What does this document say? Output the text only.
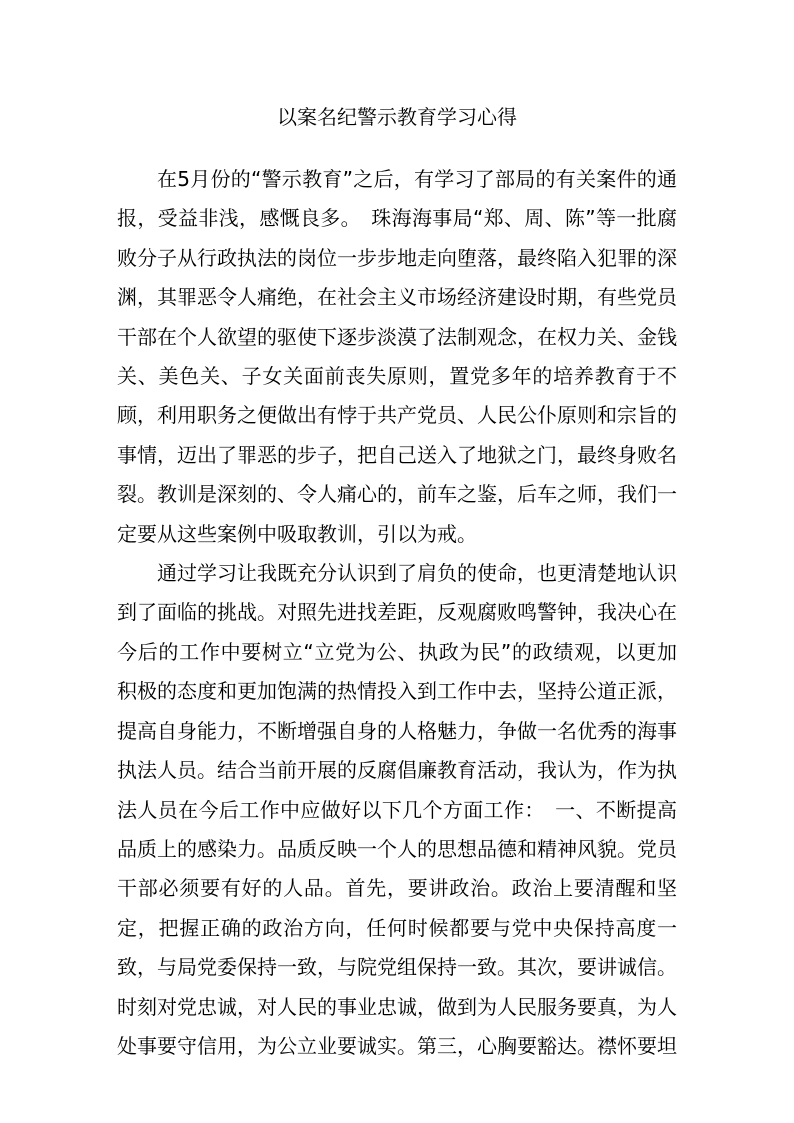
以案名纪警示教育学习心得

在5月份的“警示教育”之后，有学习了部局的有关案件的通报，受益非浅，感慨良多。　珠海海事局“郑、周、陈”等一批腐败分子从行政执法的岗位一步步地走向堕落，最终陷入犯罪的深渊，其罪恶令人痛绝，在社会主义市场经济建设时期，有些党员干部在个人欲望的驱使下逐步淡漠了法制观念，在权力关、金钱关、美色关、子女关面前丧失原则，置党多年的培养教育于不顾，利用职务之便做出有悖于共产党员、人民公仆原则和宗旨的事情，迈出了罪恶的步子，把自己送入了地狱之门，最终身败名裂。教训是深刻的、令人痛心的，前车之鉴，后车之师，我们一定要从这些案例中吸取教训，引以为戒。

通过学习让我既充分认识到了肩负的使命，也更清楚地认识到了面临的挑战。对照先进找差距，反观腐败鸣警钟，我决心在今后的工作中要树立“立党为公、执政为民”的政绩观，以更加积极的态度和更加饱满的热情投入到工作中去，坚持公道正派，提高自身能力，不断增强自身的人格魅力，争做一名优秀的海事执法人员。结合当前开展的反腐倡廉教育活动，我认为，作为执法人员在今后工作中应做好以下几个方面工作：　一、不断提高品质上的感染力。品质反映一个人的思想品德和精神风貌。党员干部必须要有好的人品。首先，要讲政治。政治上要清醒和坚定，把握正确的政治方向，任何时候都要与党中央保持高度一致，与局党委保持一致，与院党组保持一致。其次，要讲诚信。时刻对党忠诚，对人民的事业忠诚，做到为人民服务要真，为人处事要守信用，为公立业要诚实。第三，心胸要豁达。襟怀要坦
